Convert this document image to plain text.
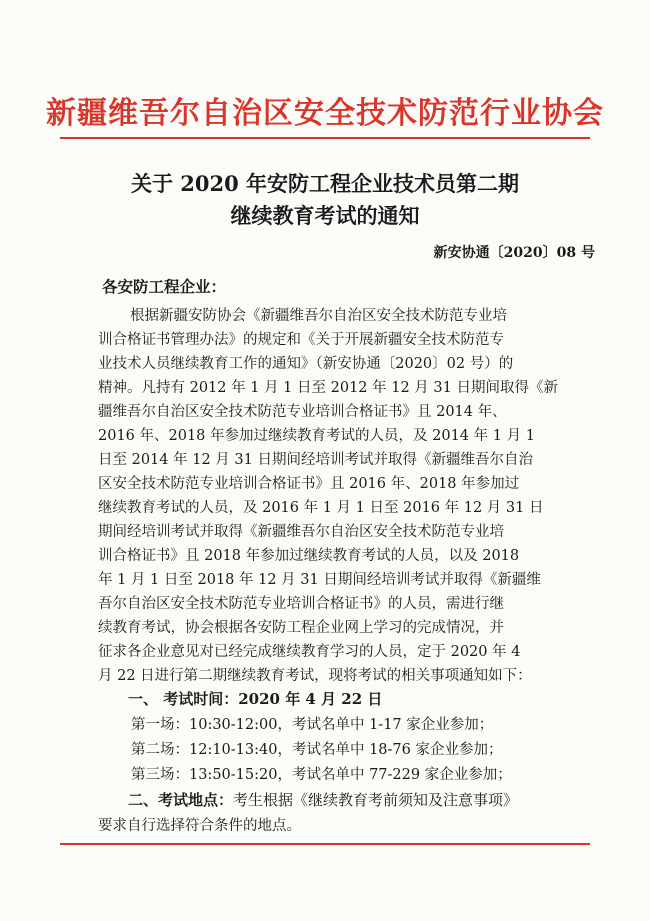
新疆维吾尔自治区安全技术防范行业协会
关于 2020 年安防工程企业技术员第二期
继续教育考试的通知
新安协通〔2020〕08 号
各安防工程企业：
根据新疆安防协会《新疆维吾尔自治区安全技术防范专业培
训合格证书管理办法》的规定和《关于开展新疆安全技术防范专
业技术人员继续教育工作的通知》（新安协通〔2020〕02 号）的
精神。凡持有 2012 年 1 月 1 日至 2012 年 12 月 31 日期间取得《新
疆维吾尔自治区安全技术防范专业培训合格证书》且 2014 年、
2016 年、2018 年参加过继续教育考试的人员，及 2014 年 1 月 1
日至 2014 年 12 月 31 日期间经培训考试并取得《新疆维吾尔自治
区安全技术防范专业培训合格证书》且 2016 年、2018 年参加过
继续教育考试的人员，及 2016 年 1 月 1 日至 2016 年 12 月 31 日
期间经培训考试并取得《新疆维吾尔自治区安全技术防范专业培
训合格证书》且 2018 年参加过继续教育考试的人员，以及 2018
年 1 月 1 日至 2018 年 12 月 31 日期间经培训考试并取得《新疆维
吾尔自治区安全技术防范专业培训合格证书》的人员，需进行继
续教育考试，协会根据各安防工程企业网上学习的完成情况，并
征求各企业意见对已经完成继续教育学习的人员，定于 2020 年 4
月 22 日进行第二期继续教育考试，现将考试的相关事项通知如下：
一、 考试时间：2020 年 4 月 22 日
第一场：10:30-12:00，考试名单中 1-17 家企业参加；
第二场：12:10-13:40，考试名单中 18-76 家企业参加；
第三场：13:50-15:20，考试名单中 77-229 家企业参加；
二、考试地点：考生根据《继续教育考前须知及注意事项》
要求自行选择符合条件的地点。
